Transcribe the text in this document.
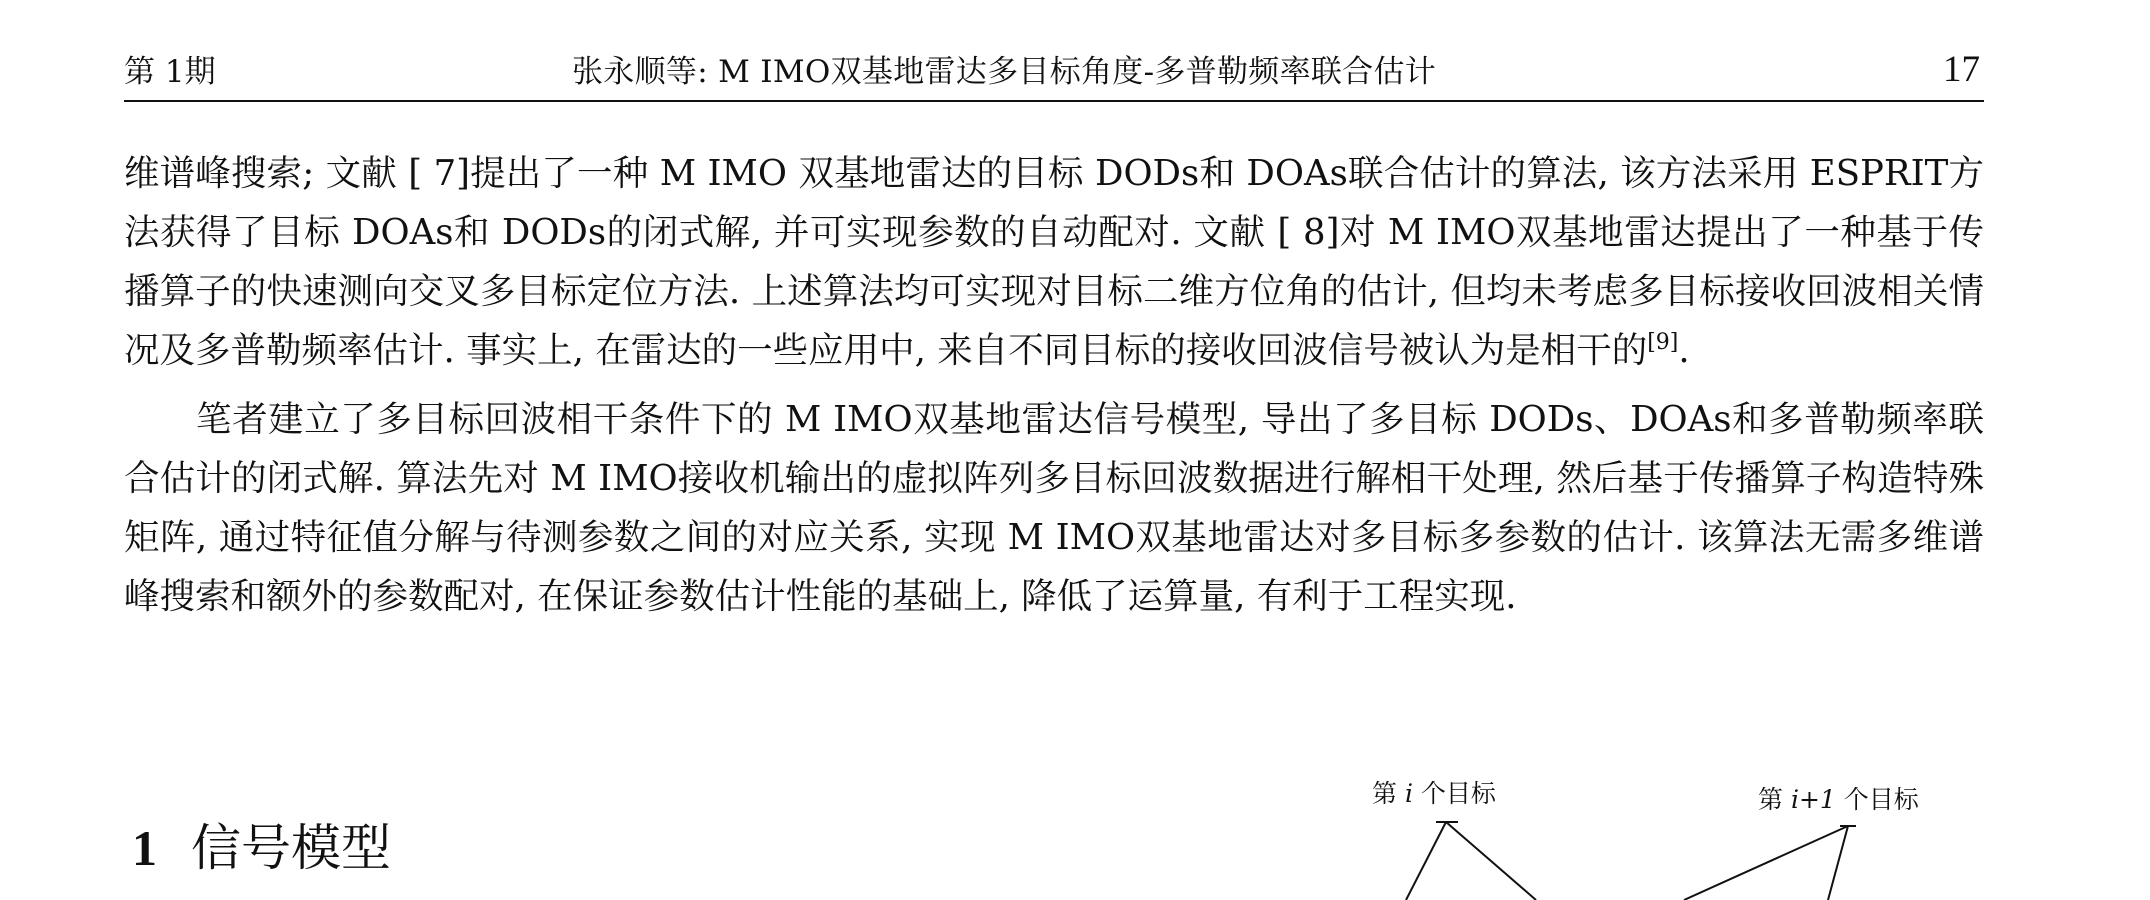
第 1期	张永顺等: M IMO双基地雷达多目标角度-多普勒频率联合估计	17

维谱峰搜索; 文献 [ 7]提出了一种 M IMO 双基地雷达的目标 DODs和 DOAs联合估计的算法, 该方法采用 ESPRIT方法获得了目标 DOAs和 DODs的闭式解, 并可实现参数的自动配对. 文献 [ 8]对 M IMO双基地雷达提出了一种基于传播算子的快速测向交叉多目标定位方法. 上述算法均可实现对目标二维方位角的估计, 但均未考虑多目标接收回波相关情况及多普勒频率估计. 事实上, 在雷达的一些应用中, 来自不同目标的接收回波信号被认为是相干的[9].

笔者建立了多目标回波相干条件下的 M IMO双基地雷达信号模型, 导出了多目标 DODs、DOAs和多普勒频率联合估计的闭式解. 算法先对 M IMO接收机输出的虚拟阵列多目标回波数据进行解相干处理, 然后基于传播算子构造特殊矩阵, 通过特征值分解与待测参数之间的对应关系, 实现 M IMO双基地雷达对多目标多参数的估计. 该算法无需多维谱峰搜索和额外的参数配对, 在保证参数估计性能的基础上, 降低了运算量, 有利于工程实现.

1 信号模型
第 i 个目标	第 i+1 个目标
